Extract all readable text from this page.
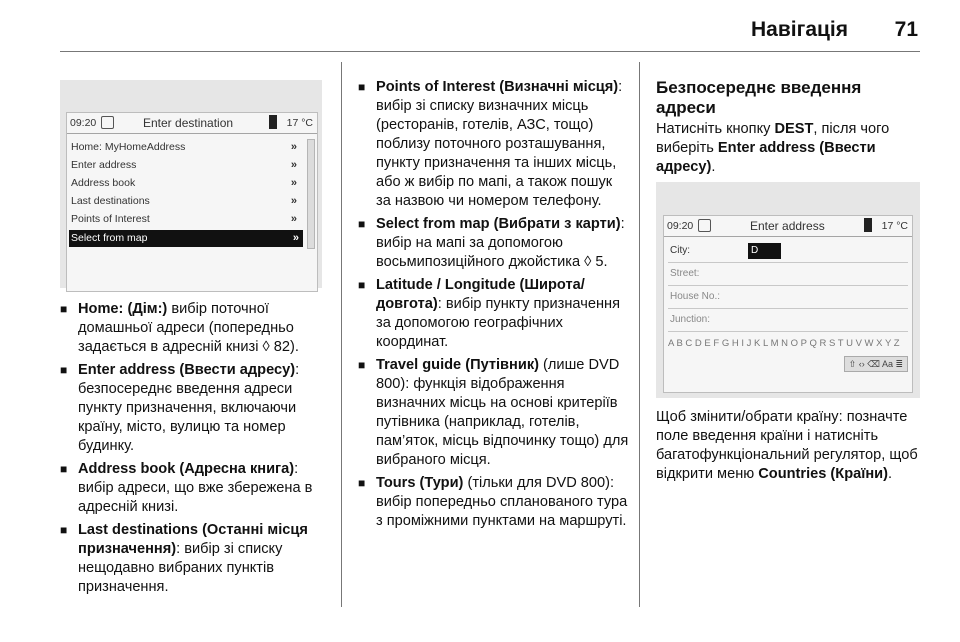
Навігація 71
09:20	Enter destination	17 °C
Home: MyHomeAddress	»
Enter address	»
Address book	»
Last destinations	»
Points of Interest	»
Select from map	»
■ Home: (Дім:) вибір поточної домашньої адреси (попередньо задається в адресній книзі ◊ 82).
■ Enter address (Ввести адресу): безпосереднє введення адреси пункту призначення, включаючи країну, місто, вулицю та номер будинку.
■ Address book (Адресна книга): вибір адреси, що вже збережена в адресній книзі.
■ Last destinations (Останні місця призначення): вибір зі списку нещодавно вибраних пунктів призначення.
■ Points of Interest (Визначні місця): вибір зі списку визначних місць (ресторанів, готелів, АЗС, тощо) поблизу поточного розташування, пункту призначення та інших місць, або ж вибір по мапі, а також пошук за назвою чи номером телефону.
■ Select from map (Вибрати з карти): вибір на мапі за допомогою восьмипозиційного джойстика ◊ 5.
■ Latitude / Longitude (Широта/довгота): вибір пункту призначення за допомогою географічних координат.
■ Travel guide (Путівник) (лише DVD 800): функція відображення визначних місць на основі критеріїв путівника (наприклад, готелів, пам’яток, місць відпочинку тощо) для вибраного місця.
■ Tours (Тури) (тільки для DVD 800): вибір попередньо спланованого тура з проміжними пунктами на маршруті.
Безпосереднє введення адреси

Натисніть кнопку DEST, після чого виберіть Enter address (Ввести адресу).

09:20	Enter address	17 °C
City:	D
Street:
House No.:
Junction:
A B C D E F G H I J K L M N O P Q R S T U V W X Y Z
⇧ ‹› ⌫ Aa ≣

Щоб змінити/обрати країну: позначте поле введення країни і натисніть багатофункціональний регулятор, щоб відкрити меню Countries (Країни).
